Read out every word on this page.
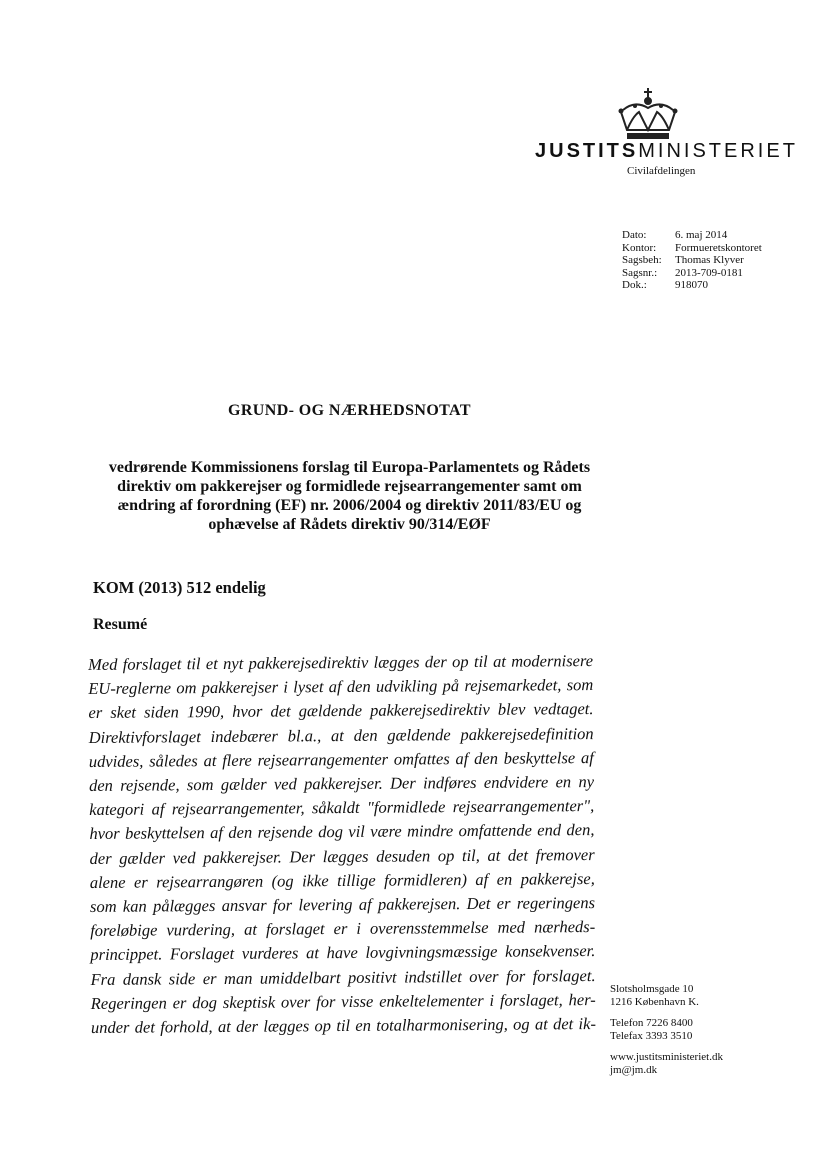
JUSTITSMINISTERIET
Civilafdelingen
Dato:	6. maj 2014
Kontor:	Formueretskontoret
Sagsbeh:	Thomas Klyver
Sagsnr.:	2013-709-0181
Dok.:	918070
GRUND- OG NÆRHEDSNOTAT
vedrørende Kommissionens forslag til Europa-Parlamentets og Rådets
direktiv om pakkerejser og formidlede rejsearrangementer samt om
ændring af forordning (EF) nr. 2006/2004 og direktiv 2011/83/EU og
ophævelse af Rådets direktiv 90/314/EØF
KOM (2013) 512 endelig
Resumé
Med forslaget til et nyt pakkerejsedirektiv lægges der op til at modernisere
EU-reglerne om pakkerejser i lyset af den udvikling på rejsemarkedet, som
er sket siden 1990, hvor det gældende pakkerejsedirektiv blev vedtaget.
Direktivforslaget indebærer bl.a., at den gældende pakkerejsedefinition
udvides, således at flere rejsearrangementer omfattes af den beskyttelse af
den rejsende, som gælder ved pakkerejser. Der indføres endvidere en ny
kategori af rejsearrangementer, såkaldt "formidlede rejsearrangementer",
hvor beskyttelsen af den rejsende dog vil være mindre omfattende end den,
der gælder ved pakkerejser. Der lægges desuden op til, at det fremover
alene er rejsearrangøren (og ikke tillige formidleren) af en pakkerejse,
som kan pålægges ansvar for levering af pakkerejsen. Det er regeringens
foreløbige vurdering, at forslaget er i overensstemmelse med nærheds-
princippet. Forslaget vurderes at have lovgivningsmæssige konsekvenser.
Fra dansk side er man umiddelbart positivt indstillet over for forslaget.
Regeringen er dog skeptisk over for visse enkeltelementer i forslaget, her-
under det forhold, at der lægges op til en totalharmonisering, og at det ik-
Slotsholmsgade 10
1216 København K.
Telefon 7226 8400
Telefax 3393 3510
www.justitsministeriet.dk
jm@jm.dk
